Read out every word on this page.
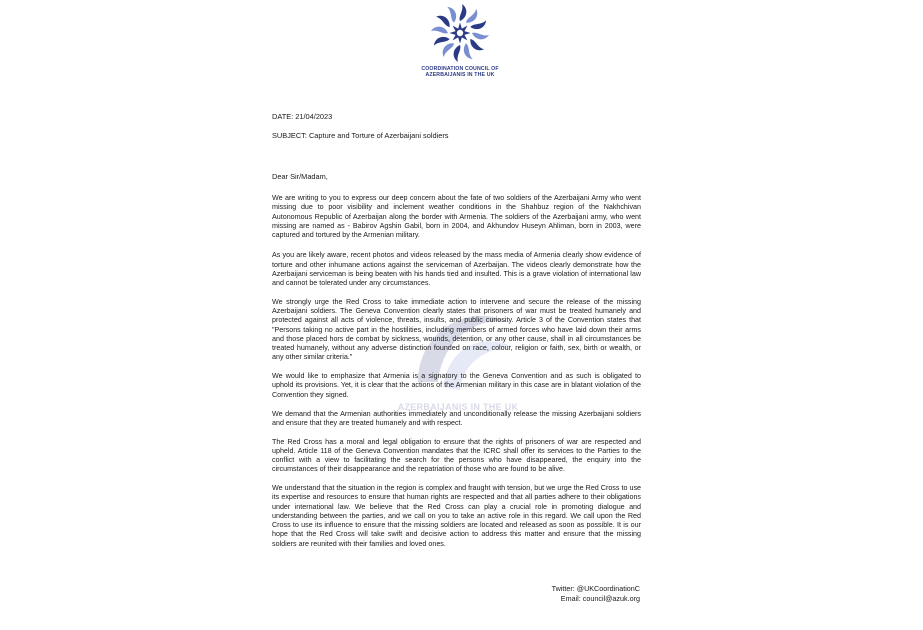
COORDINATION COUNCIL OF
AZERBAIJANIS IN THE UK
AZERBAIJANIS IN THE UK
DATE: 21/04/2023
SUBJECT: Capture and Torture of Azerbaijani soldiers
Dear Sir/Madam,

We are writing to you to express our deep concern about the fate of two soldiers of the Azerbaijani Army who went missing due to poor visibility and inclement weather conditions in the Shahbuz region of the Nakhchivan Autonomous Republic of Azerbaijan along the border with Armenia. The soldiers of the Azerbaijani army, who went missing are named as - Babirov Agshin Gabil, born in 2004, and Akhundov Huseyn Ahliman, born in 2003, were captured and tortured by the Armenian military.

As you are likely aware, recent photos and videos released by the mass media of Armenia clearly show evidence of torture and other inhumane actions against the serviceman of Azerbaijan. The videos clearly demonstrate how the Azerbaijani serviceman is being beaten with his hands tied and insulted. This is a grave violation of international law and cannot be tolerated under any circumstances.

We strongly urge the Red Cross to take immediate action to intervene and secure the release of the missing Azerbaijani soldiers. The Geneva Convention clearly states that prisoners of war must be treated humanely and protected against all acts of violence, threats, insults, and public curiosity. Article 3 of the Convention states that "Persons taking no active part in the hostilities, including members of armed forces who have laid down their arms and those placed hors de combat by sickness, wounds, detention, or any other cause, shall in all circumstances be treated humanely, without any adverse distinction founded on race, colour, religion or faith, sex, birth or wealth, or any other similar criteria."

We would like to emphasize that Armenia is a signatory to the Geneva Convention and as such is obligated to uphold its provisions. Yet, it is clear that the actions of the Armenian military in this case are in blatant violation of the Convention they signed.

We demand that the Armenian authorities immediately and unconditionally release the missing Azerbaijani soldiers and ensure that they are treated humanely and with respect.

The Red Cross has a moral and legal obligation to ensure that the rights of prisoners of war are respected and upheld. Article 118 of the Geneva Convention mandates that the ICRC shall offer its services to the Parties to the conflict with a view to facilitating the search for the persons who have disappeared, the enquiry into the circumstances of their disappearance and the repatriation of those who are found to be alive.

We understand that the situation in the region is complex and fraught with tension, but we urge the Red Cross to use its expertise and resources to ensure that human rights are respected and that all parties adhere to their obligations under international law. We believe that the Red Cross can play a crucial role in promoting dialogue and understanding between the parties, and we call on you to take an active role in this regard. We call upon the Red Cross to use its influence to ensure that the missing soldiers are located and released as soon as possible. It is our hope that the Red Cross will take swift and decisive action to address this matter and ensure that the missing soldiers are reunited with their families and loved ones.

Twitter: @UKCoordinationC
Email: council@azuk.org
